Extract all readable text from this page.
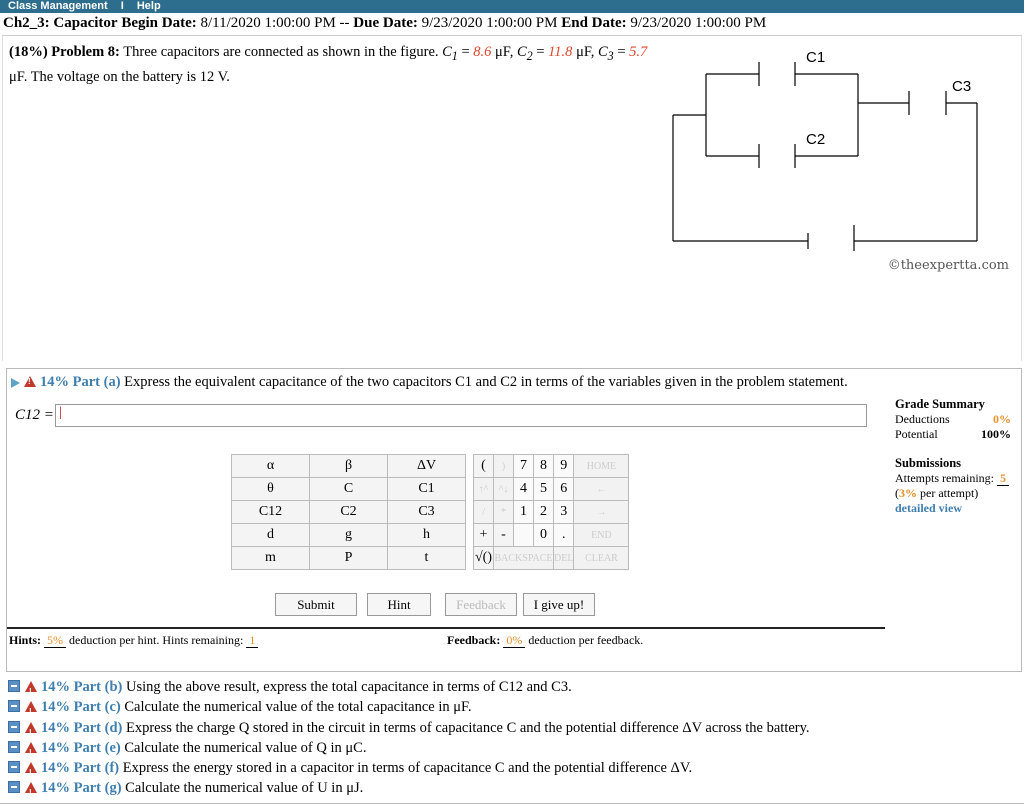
Class Management I Help
Ch2_3: Capacitor Begin Date: 8/11/2020 1:00:00 PM -- Due Date: 9/23/2020 1:00:00 PM End Date: 9/23/2020 1:00:00 PM
(18%) Problem 8: Three capacitors are connected as shown in the figure. $C_1 = 8.6$ μF, $C_2 = 11.8$ μF, $C_3 = 5.7$ μF. The voltage on the battery is 12 V.
C1
C2
C3
©theexpertta.com
!14% Part (a) Express the equivalent capacitance of the two capacitors C1 and C2 in terms of the variables given in the problem statement.
C12 = |
Grade Summary
Deductions	0%
Potential	100%
Submissions
Attempts remaining: 5
(3% per attempt)
detailed view
α	β	ΔV		(	)	7	8	9	HOME
θ	C	C1		↑^	^↓	4	5	6	←
C12	C2	C3		/	*	1	2	3	→
d	g	h		+	-		0	.	END
m	P	t		√()	BACKSPACE			DEL	CLEAR
Submit	Hint	Feedback	I give up!
Hints: 5% deduction per hint. Hints remaining: 1	Feedback: 0% deduction per feedback.
!14% Part (b) Using the above result, express the total capacitance in terms of C12 and C3.
!14% Part (c) Calculate the numerical value of the total capacitance in μF.
!14% Part (d) Express the charge Q stored in the circuit in terms of capacitance C and the potential difference ΔV across the battery.
!14% Part (e) Calculate the numerical value of Q in μC.
!14% Part (f) Express the energy stored in a capacitor in terms of capacitance C and the potential difference ΔV.
!14% Part (g) Calculate the numerical value of U in μJ.
